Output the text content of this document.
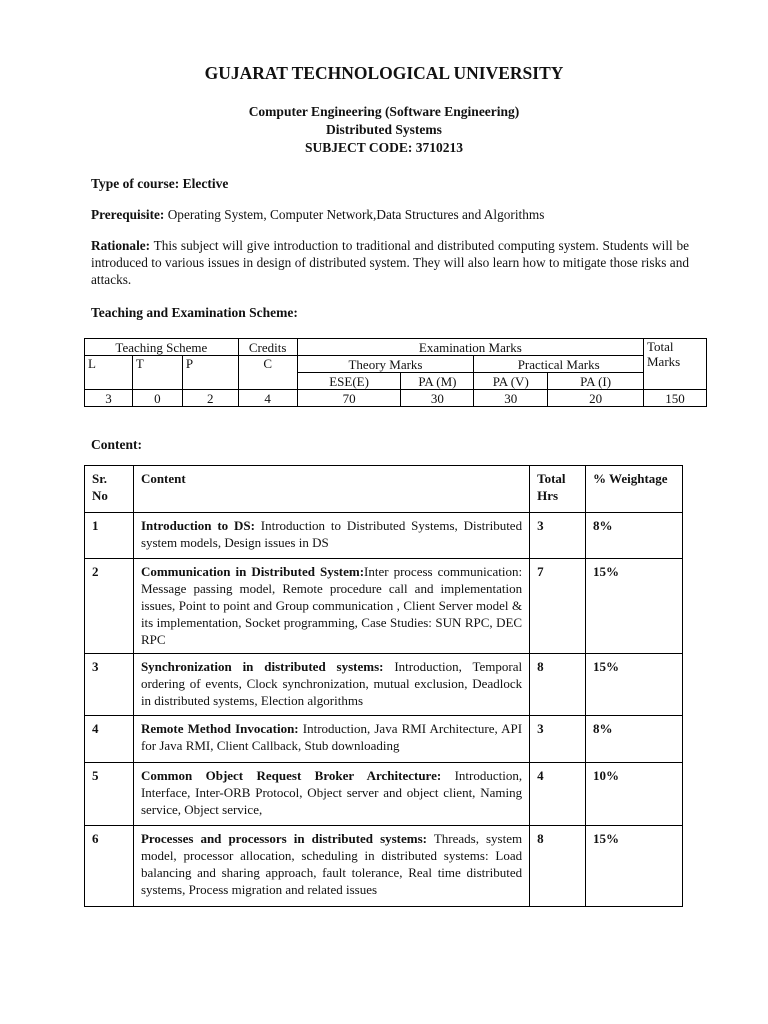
GUJARAT TECHNOLOGICAL UNIVERSITY
Computer Engineering (Software Engineering)
Distributed Systems
SUBJECT CODE: 3710213
Type of course: Elective
Prerequisite: Operating System, Computer Network,Data Structures and Algorithms
Rationale: This subject will give introduction to traditional and distributed computing system. Students will be introduced to various issues in design of distributed system. They will also learn how to mitigate those risks and attacks.
Teaching and Examination Scheme:
Teaching Scheme			Credits	Examination Marks				Total Marks
L	T	P	C	Theory Marks		Practical Marks		
				ESE(E)	PA (M)	PA (V)	PA (I)	
3	0	2	4	70	30	30	20	150
Content:
Sr. No	Content	Total Hrs	% Weightage
1	Introduction to DS: Introduction to Distributed Systems, Distributed system models, Design issues in DS	3	8%
2	Communication in Distributed System:Inter process communication: Message passing model, Remote procedure call and implementation issues, Point to point and Group communication , Client Server model & its implementation, Socket programming, Case Studies: SUN RPC, DEC RPC	7	15%
3	Synchronization in distributed systems: Introduction, Temporal ordering of events, Clock synchronization, mutual exclusion, Deadlock in distributed systems, Election algorithms	8	15%
4	Remote Method Invocation: Introduction, Java RMI Architecture, API for Java RMI, Client Callback, Stub downloading	3	8%
5	Common Object Request Broker Architecture: Introduction, Interface, Inter-ORB Protocol, Object server and object client, Naming service, Object service,	4	10%
6	Processes and processors in distributed systems: Threads, system model, processor allocation, scheduling in distributed systems: Load balancing and sharing approach, fault tolerance, Real time distributed systems, Process migration and related issues	8	15%
